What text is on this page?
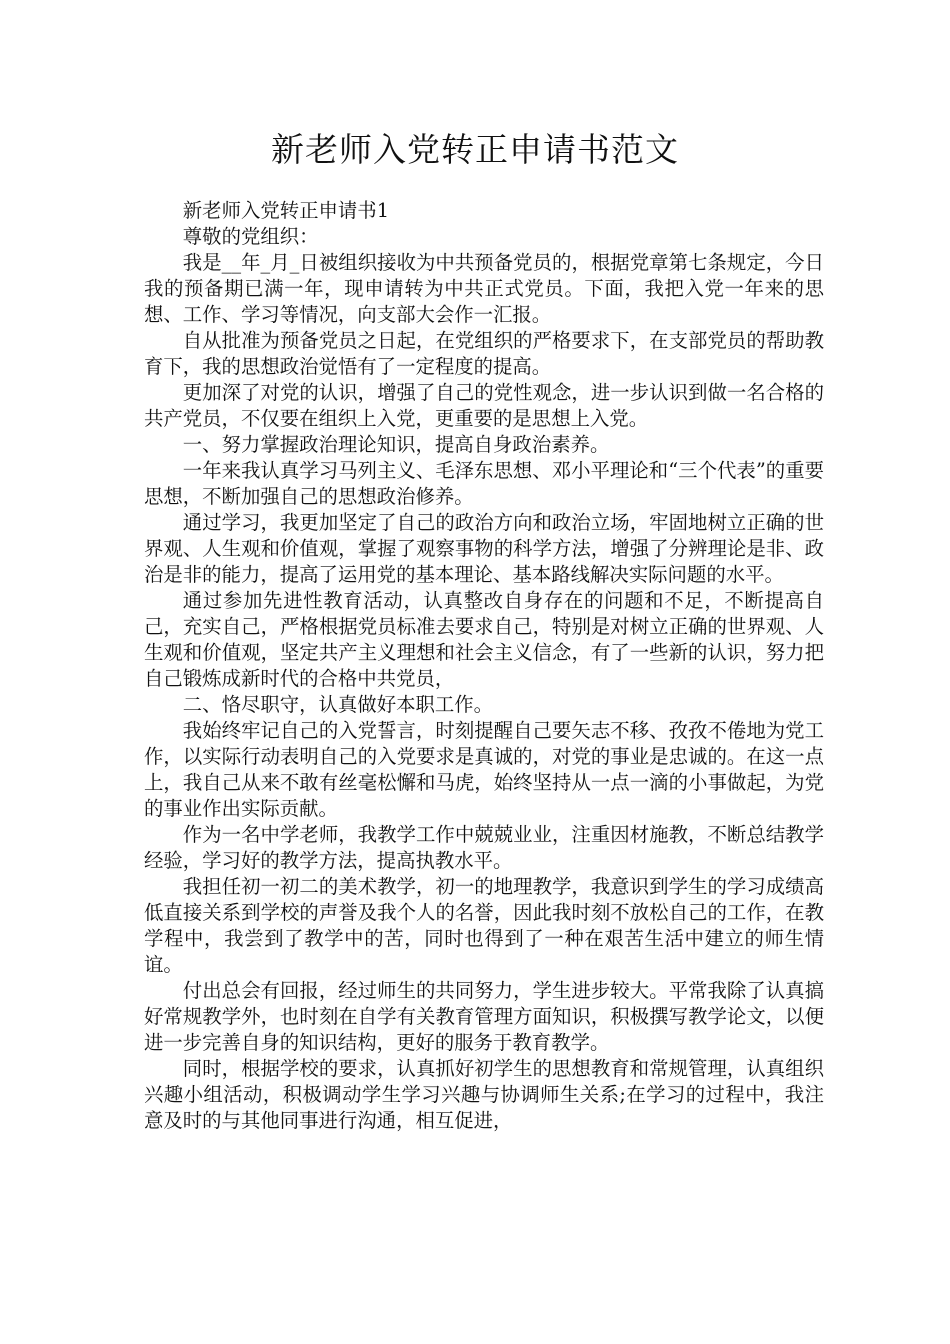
新老师入党转正申请书范文

新老师入党转正申请书1

尊敬的党组织：

我是__年_月_日被组织接收为中共预备党员的，根据党章第七条规定，今日我的预备期已满一年，现申请转为中共正式党员。下面，我把入党一年来的思想、工作、学习等情况，向支部大会作一汇报。

自从批准为预备党员之日起，在党组织的严格要求下，在支部党员的帮助教育下，我的思想政治觉悟有了一定程度的提高。

更加深了对党的认识，增强了自己的党性观念，进一步认识到做一名合格的共产党员，不仅要在组织上入党，更重要的是思想上入党。

一、努力掌握政治理论知识，提高自身政治素养。

一年来我认真学习马列主义、毛泽东思想、邓小平理论和“三个代表”的重要思想，不断加强自己的思想政治修养。

通过学习，我更加坚定了自己的政治方向和政治立场，牢固地树立正确的世界观、人生观和价值观，掌握了观察事物的科学方法，增强了分辨理论是非、政治是非的能力，提高了运用党的基本理论、基本路线解决实际问题的水平。

通过参加先进性教育活动，认真整改自身存在的问题和不足，不断提高自己，充实自己，严格根据党员标准去要求自己，特别是对树立正确的世界观、人生观和价值观，坚定共产主义理想和社会主义信念，有了一些新的认识，努力把自己锻炼成新时代的合格中共党员，

二、恪尽职守，认真做好本职工作。

我始终牢记自己的入党誓言，时刻提醒自己要矢志不移、孜孜不倦地为党工作，以实际行动表明自己的入党要求是真诚的，对党的事业是忠诚的。在这一点上，我自己从来不敢有丝毫松懈和马虎，始终坚持从一点一滴的小事做起，为党的事业作出实际贡献。

作为一名中学老师，我教学工作中兢兢业业，注重因材施教，不断总结教学经验，学习好的教学方法，提高执教水平。

我担任初一初二的美术教学，初一的地理教学，我意识到学生的学习成绩高低直接关系到学校的声誉及我个人的名誉，因此我时刻不放松自己的工作，在教学程中，我尝到了教学中的苦，同时也得到了一种在艰苦生活中建立的师生情谊。

付出总会有回报，经过师生的共同努力，学生进步较大。平常我除了认真搞好常规教学外，也时刻在自学有关教育管理方面知识，积极撰写教学论文，以便进一步完善自身的知识结构，更好的服务于教育教学。

同时，根据学校的要求，认真抓好初学生的思想教育和常规管理，认真组织兴趣小组活动，积极调动学生学习兴趣与协调师生关系;在学习的过程中，我注意及时的与其他同事进行沟通，相互促进，
